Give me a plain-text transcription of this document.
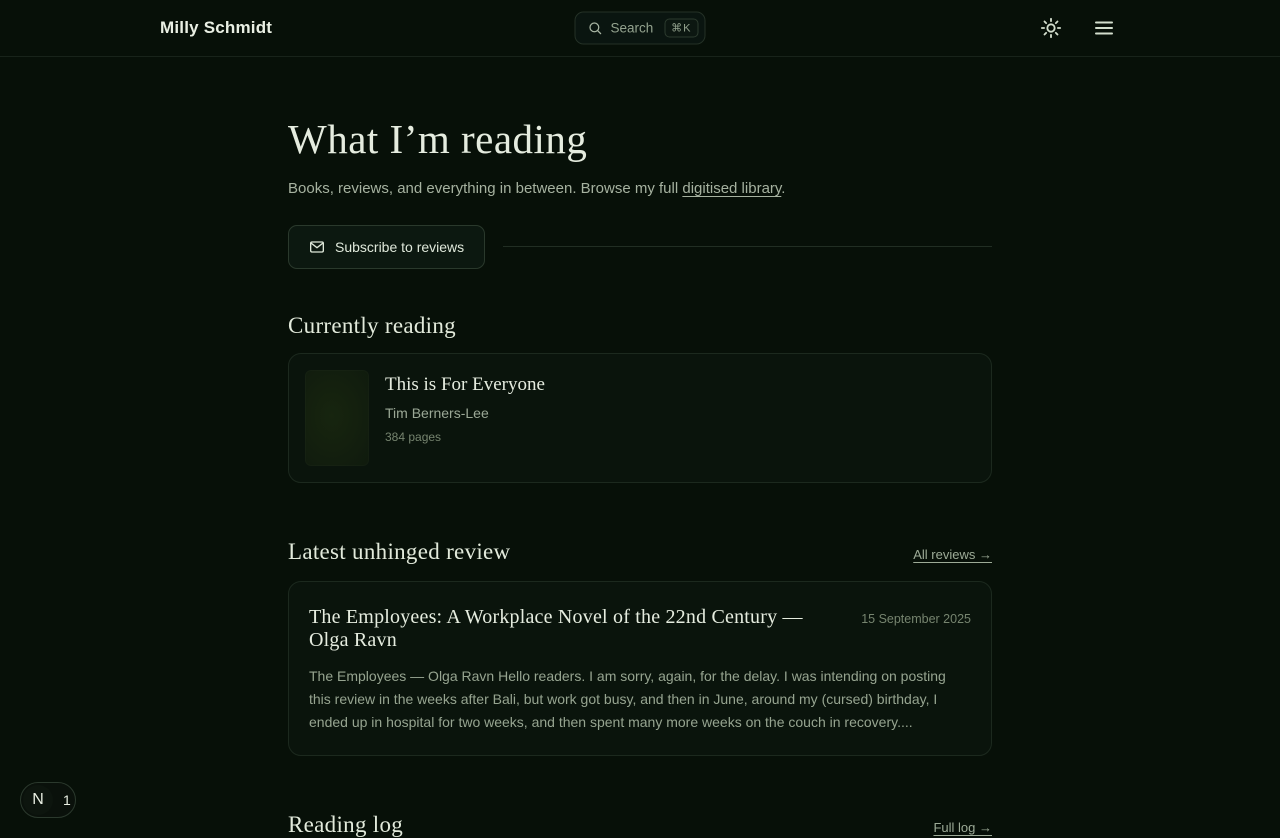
Milly Schmidt	Search	⌘K
What I’m reading

Books, reviews, and everything in between. Browse my full digitised library.

Subscribe to reviews
Currently reading
This is For Everyone
Tim Berners-Lee
384 pages
Latest unhinged review	All reviews →
The Employees: A Workplace Novel of the 22nd Century — Olga Ravn
15 September 2025

The Employees — Olga Ravn Hello readers. I am sorry, again, for the delay. I was intending on posting this review in the weeks after Bali, but work got busy, and then in June, around my (cursed) birthday, I ended up in hospital for two weeks, and then spent many more weeks on the couch in recovery....

Reading log	Full log →
N	1
